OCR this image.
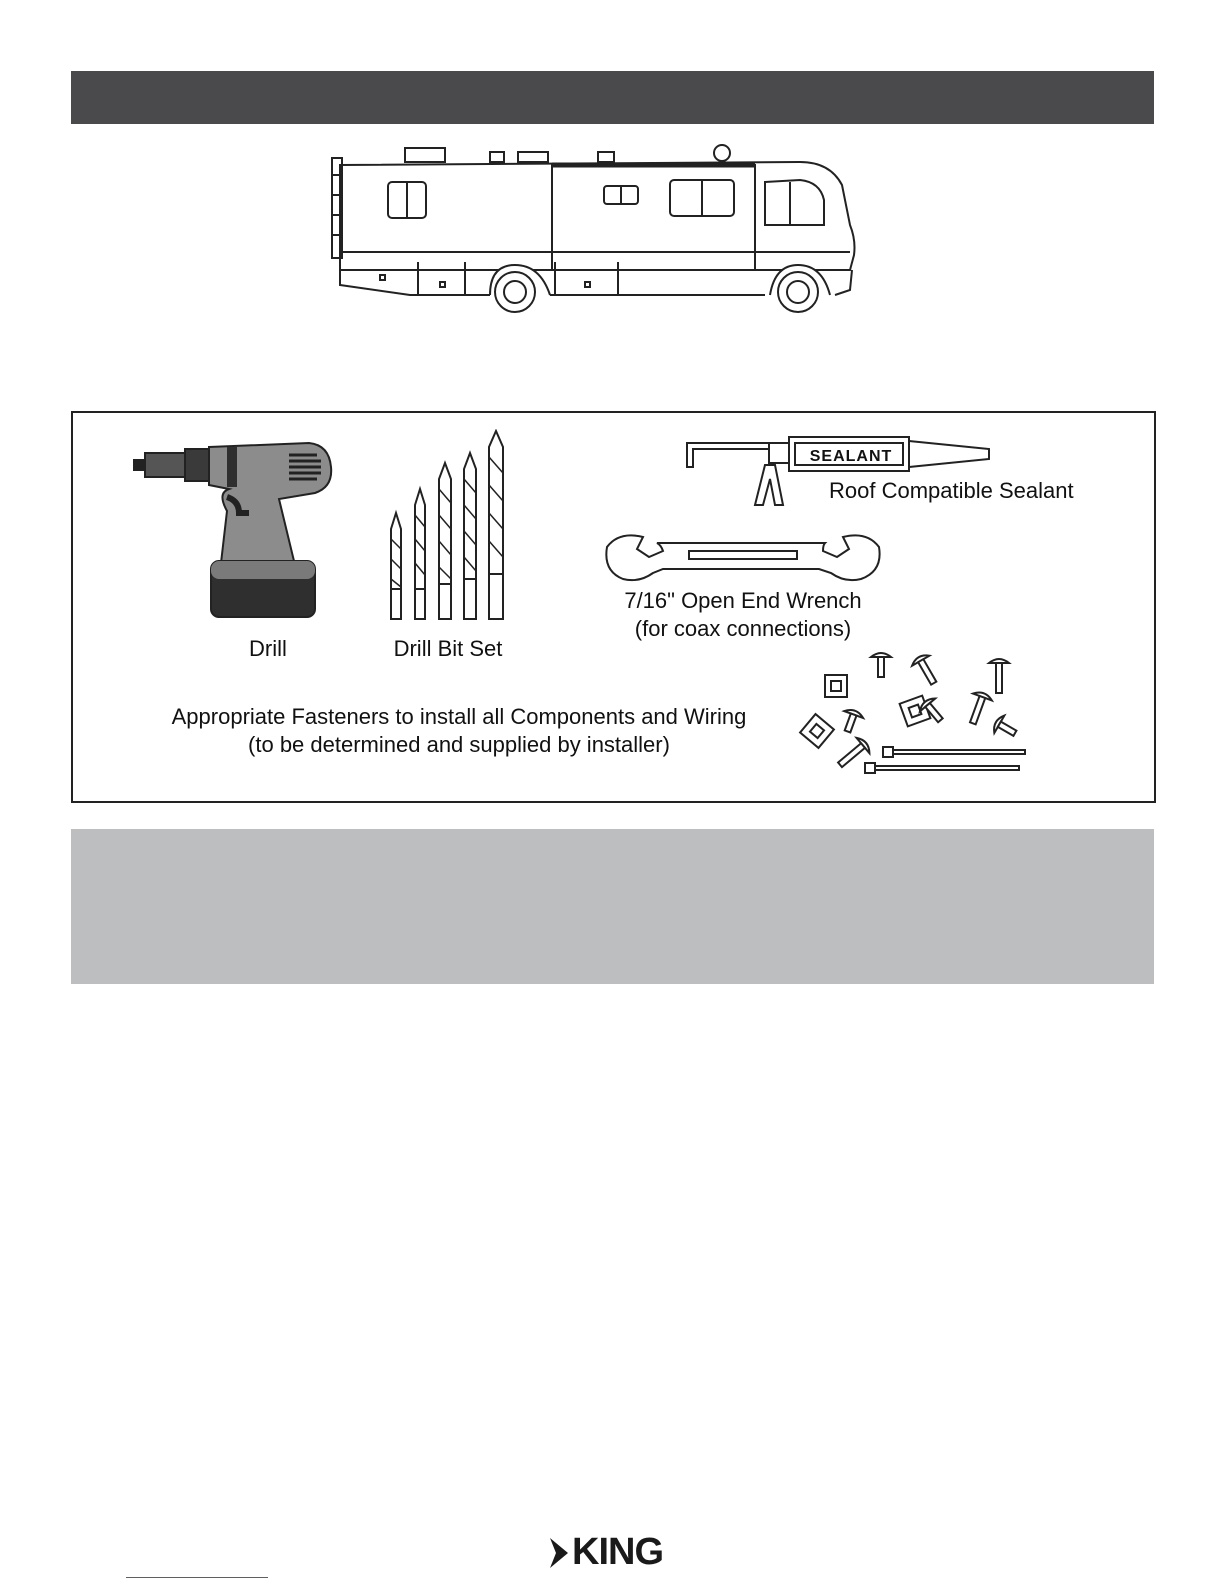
Drill	Drill Bit Set
SEALANT
Roof Compatible Sealant
7/16" Open End Wrench
(for coax connections)
Appropriate Fasteners to install all Components and Wiring
(to be determined and supplied by installer)
KING
